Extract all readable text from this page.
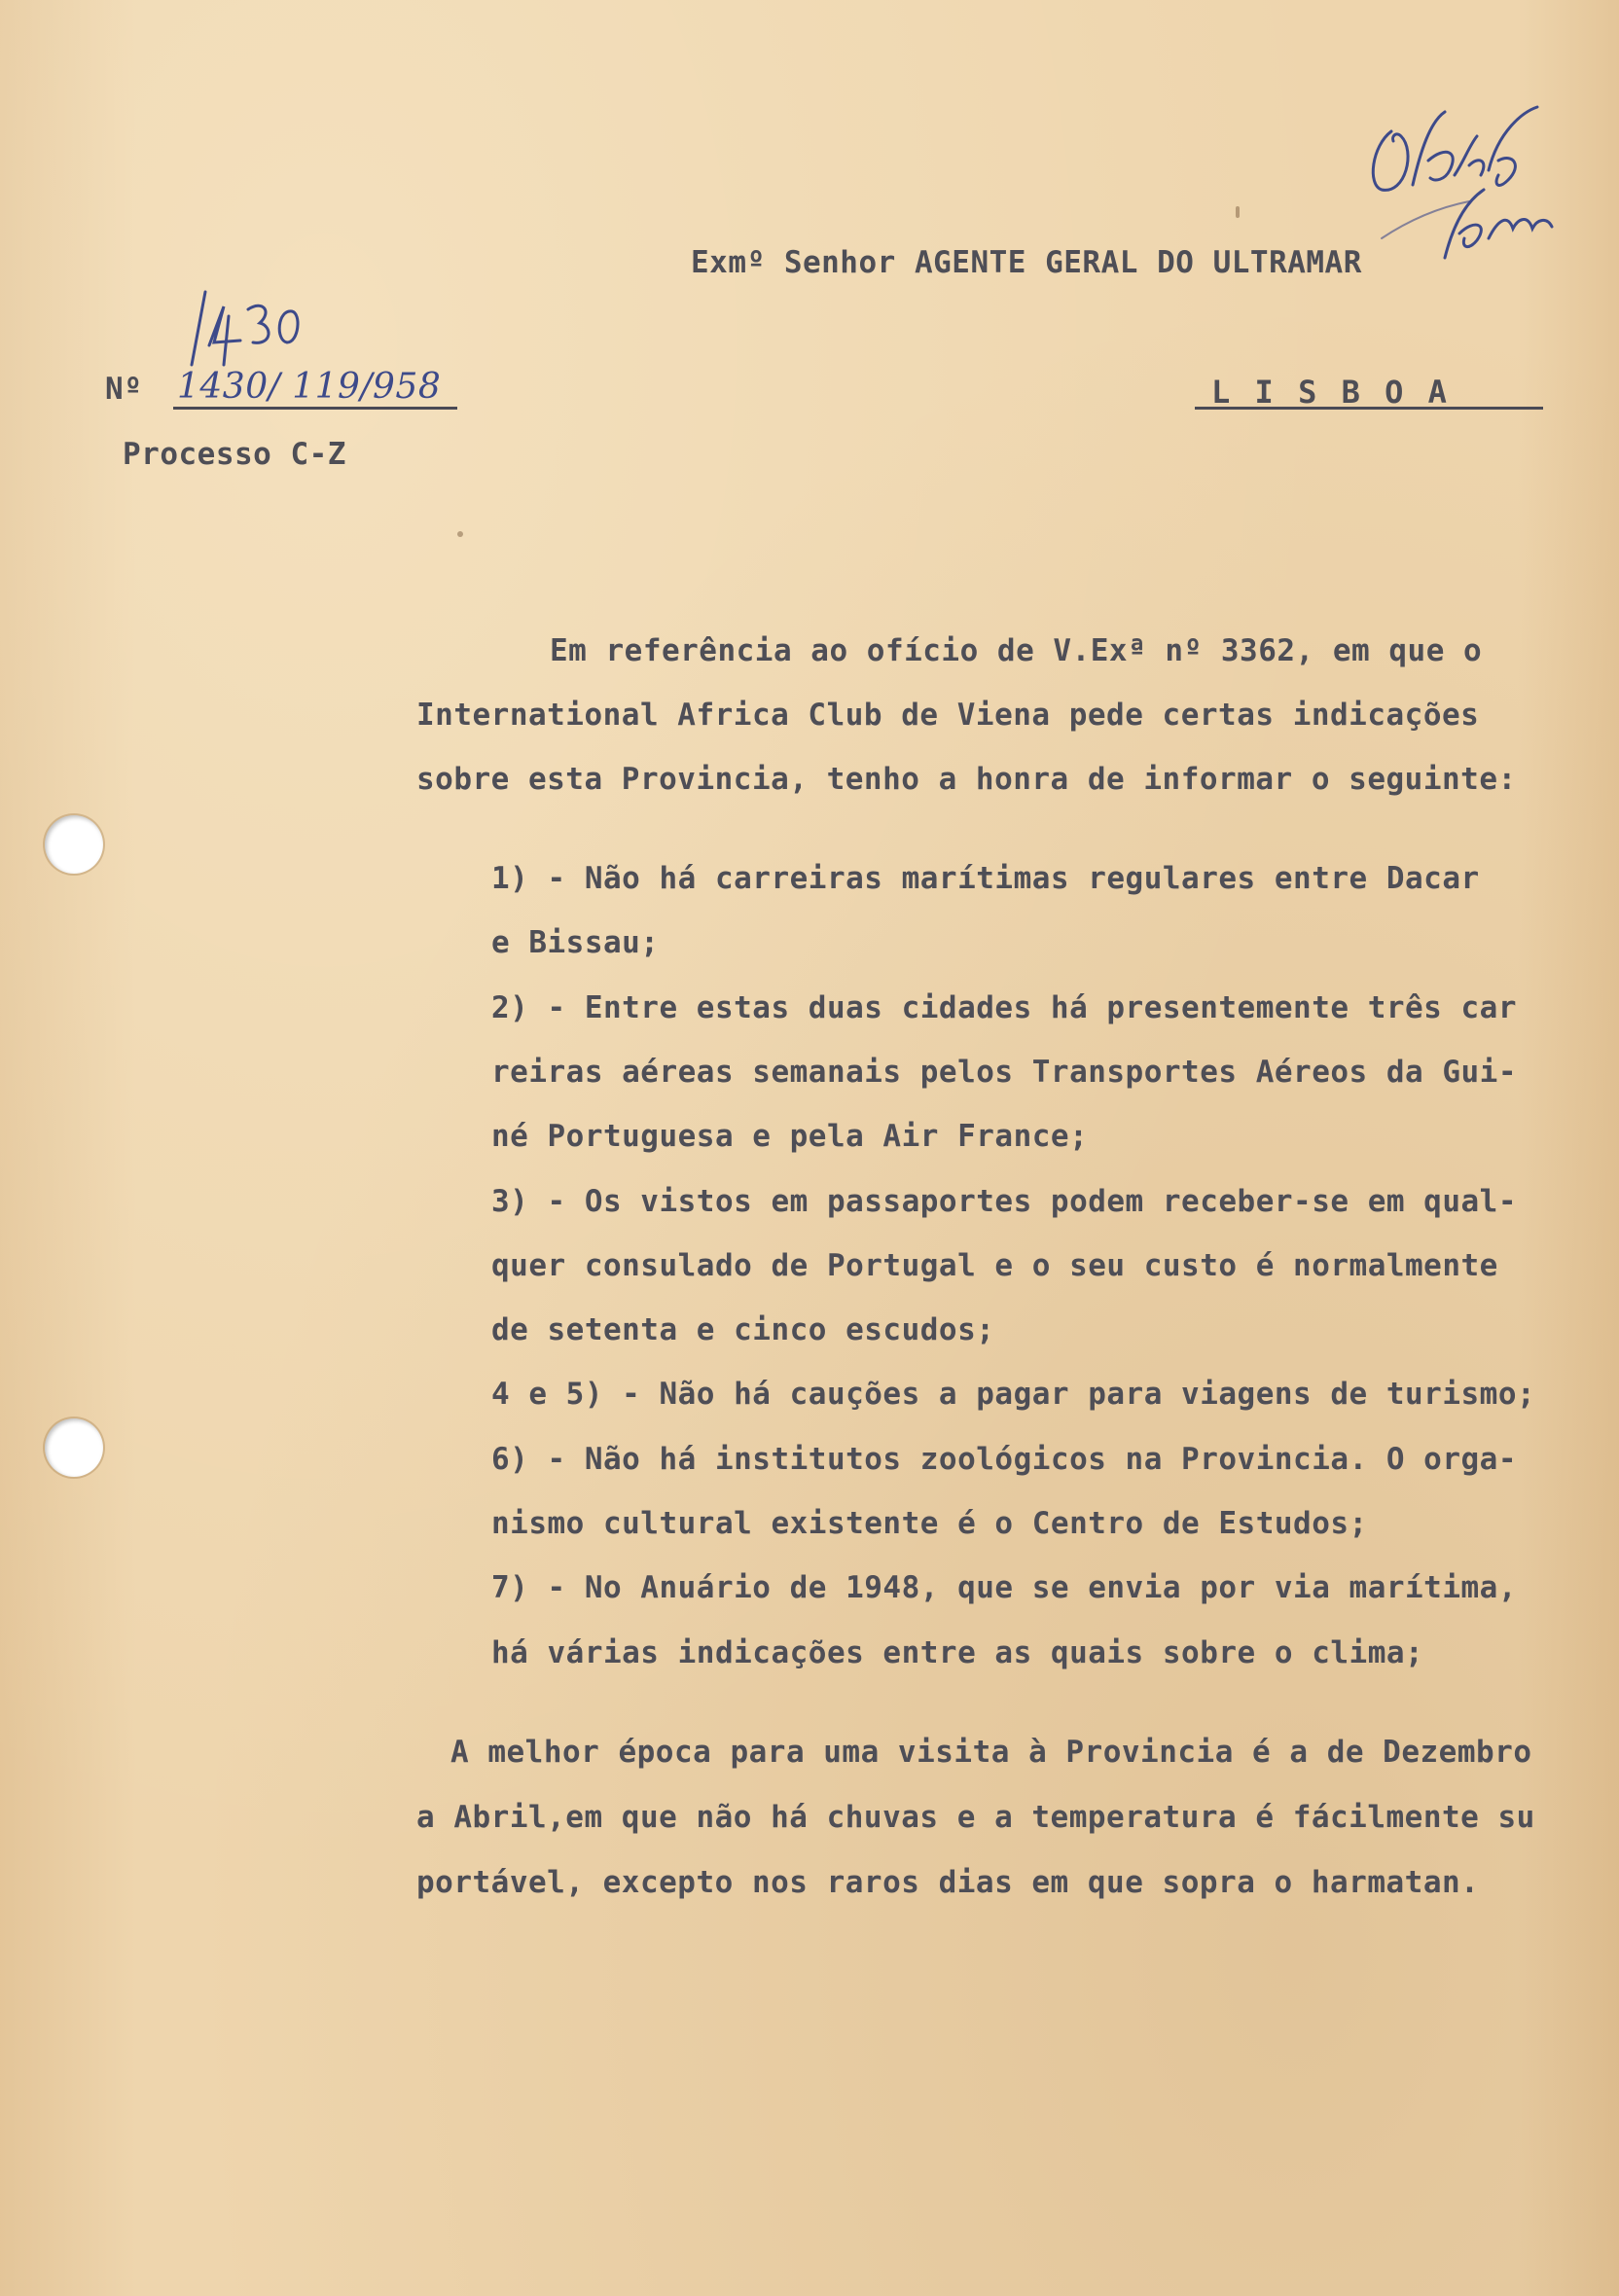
Exmº Senhor AGENTE GERAL DO ULTRAMAR
Nº 1430/ 119/958	L I S B O A
Processo C-Z
Em referência ao ofício de V.Exª nº 3362, em que o
International Africa Club de Viena pede certas indicações
sobre esta Provincia, tenho a honra de informar o seguinte:
1) - Não há carreiras marítimas regulares entre Dacar
e Bissau;
2) - Entre estas duas cidades há presentemente três car
reiras aéreas semanais pelos Transportes Aéreos da Gui-
né Portuguesa e pela Air France;
3) - Os vistos em passaportes podem receber-se em qual-
quer consulado de Portugal e o seu custo é normalmente
de setenta e cinco escudos;
4 e 5) - Não há cauções a pagar para viagens de turismo;
6) - Não há institutos zoológicos na Provincia. O orga-
nismo cultural existente é o Centro de Estudos;
7) - No Anuário de 1948, que se envia por via marítima,
há várias indicações entre as quais sobre o clima;
A melhor época para uma visita à Provincia é a de Dezembro
a Abril,em que não há chuvas e a temperatura é fácilmente su
portável, excepto nos raros dias em que sopra o harmatan.
